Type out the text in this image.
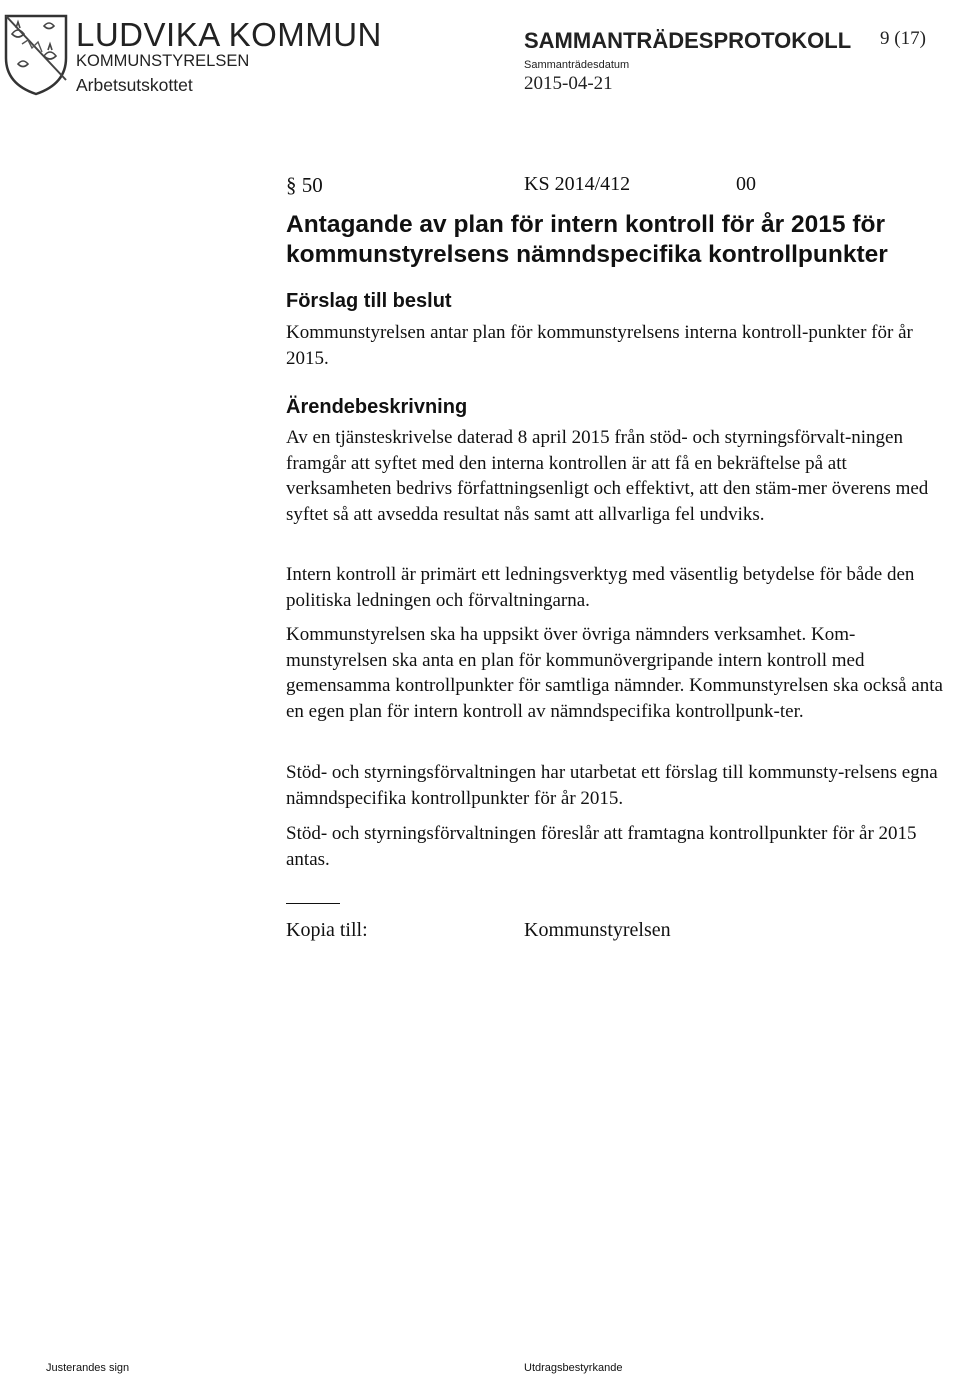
LUDVIKA KOMMUN
KOMMUNSTYRELSEN
Arbetsutskottet
SAMMANTRÄDESPROTOKOLL 9 (17)
Sammanträdesdatum
2015-04-21
§ 50	KS 2014/412	00
Antagande av plan för intern kontroll för år 2015 för kommunstyrelsens nämndspecifika kontrollpunkter
Förslag till beslut
Kommunstyrelsen antar plan för kommunstyrelsens interna kontroll-punkter för år 2015.
Ärendebeskrivning
Av en tjänsteskrivelse daterad 8 april 2015 från stöd- och styrningsförvalt-ningen framgår att syftet med den interna kontrollen är att få en bekräftelse på att verksamheten bedrivs författningsenligt och effektivt, att den stäm-mer överens med syftet så att avsedda resultat nås samt att allvarliga fel undviks.
Intern kontroll är primärt ett ledningsverktyg med väsentlig betydelse för både den politiska ledningen och förvaltningarna.
Kommunstyrelsen ska ha uppsikt över övriga nämnders verksamhet. Kom-munstyrelsen ska anta en plan för kommunövergripande intern kontroll med gemensamma kontrollpunkter för samtliga nämnder. Kommunstyrelsen ska också anta en egen plan för intern kontroll av nämndspecifika kontrollpunk-ter.
Stöd- och styrningsförvaltningen har utarbetat ett förslag till kommunsty-relsens egna nämndspecifika kontrollpunkter för år 2015.
Stöd- och styrningsförvaltningen föreslår att framtagna kontrollpunkter för år 2015 antas.
Kopia till:	Kommunstyrelsen
Justerandes sign	Utdragsbestyrkande
